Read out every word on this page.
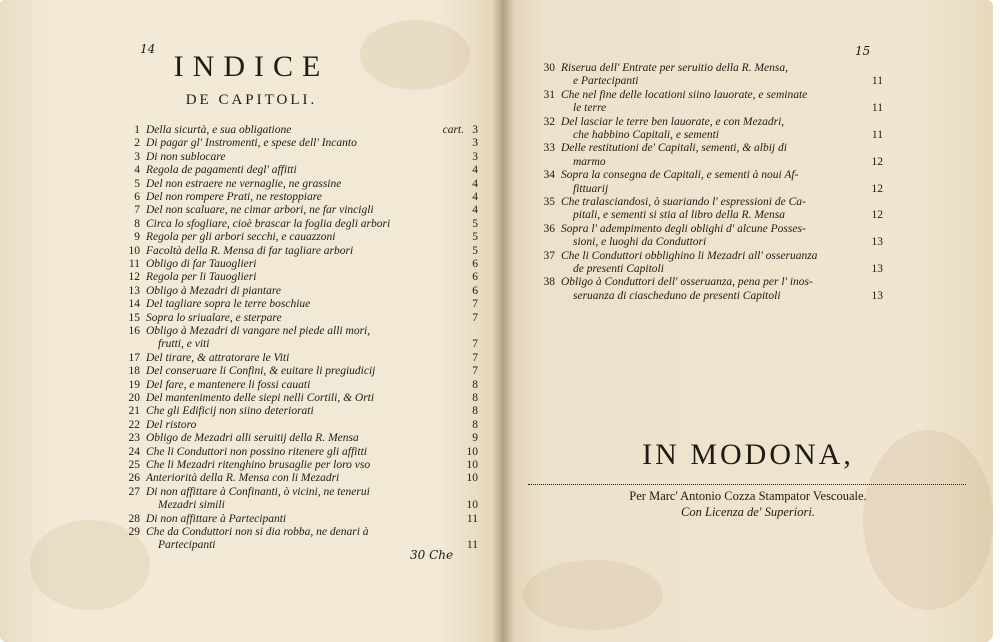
14
INDICE
DE CAPITOLI.
cart.
1 Della sicurtà, e sua obligatione	3
2 Di pagar gl' Instromenti, e spese dell' Incanto	3
3 Di non sublocare	3
4 Regola de pagamenti degl' affitti	4
5 Del non estraere ne vernaglie, ne grassine	4
6 Del non rompere Prati, ne restoppiare	4
7 Del non scaluare, ne cimar arbori, ne far vincigli	4
8 Circa lo sfogliare, cioè brascar la foglia degli arbori	5
9 Regola per gli arbori secchi, e cauazzoni	5
10 Facoltà della R. Mensa di far tagliare arbori	5
11 Obligo di far Tauoglieri	6
12 Regola per li Tauoglieri	6
13 Obligo à Mezadri di piantare	6
14 Del tagliare sopra le terre boschiue	7
15 Sopra lo sriualare, e sterpare	7
16 Obligo à Mezadri di vangare nel piede alli mori,
frutti, e viti	7
17 Del tirare, & attratorare le Viti	7
18 Del conseruare li Confini, & euitare li pregiudicij	7
19 Del fare, e mantenere li fossi cauati	8
20 Del mantenimento delle siepi nelli Cortili, & Orti	8
21 Che gli Edificij non siino deteriorati	8
22 Del ristoro	8
23 Obligo de Mezadri alli seruitij della R. Mensa	9
24 Che li Conduttori non possino ritenere gli affitti	10
25 Che li Mezadri ritenghino brusaglie per loro vso	10
26 Anteriorità della R. Mensa con li Mezadri	10
27 Di non affittare à Confinanti, ò vicini, ne tenerui
Mezadri simili	10
28 Di non affittare à Partecipanti	11
29 Che da Conduttori non si dia robba, ne denari à
Partecipanti	11
30 Che
15
30 Riserua dell' Entrate per seruitio della R. Mensa,
e Partecipanti	11
31 Che nel fine delle locationi siino lauorate, e seminate
le terre	11
32 Del lasciar le terre ben lauorate, e con Mezadri,
che habbino Capitali, e sementi	11
33 Delle restitutioni de' Capitali, sementi, & albij di
marmo	12
34 Sopra la consegna de Capitali, e sementi à noui Af-
fittuarij	12
35 Che tralasciandosi, ò suariando l' espressioni de Ca-
pitali, e sementi si stia al libro della R. Mensa	12
36 Sopra l' adempimento degli oblighi d' alcune Posses-
sioni, e luoghi da Conduttori	13
37 Che li Conduttori obblighino li Mezadri all' osseruanza
de presenti Capitoli	13
38 Obligo à Conduttori dell' osseruanza, pena per l' inos-
seruanza di ciascheduno de presenti Capitoli	13
IN MODONA,
Per Marc' Antonio Cozza Stampator Vescouale.
Con Licenza de' Superiori.
